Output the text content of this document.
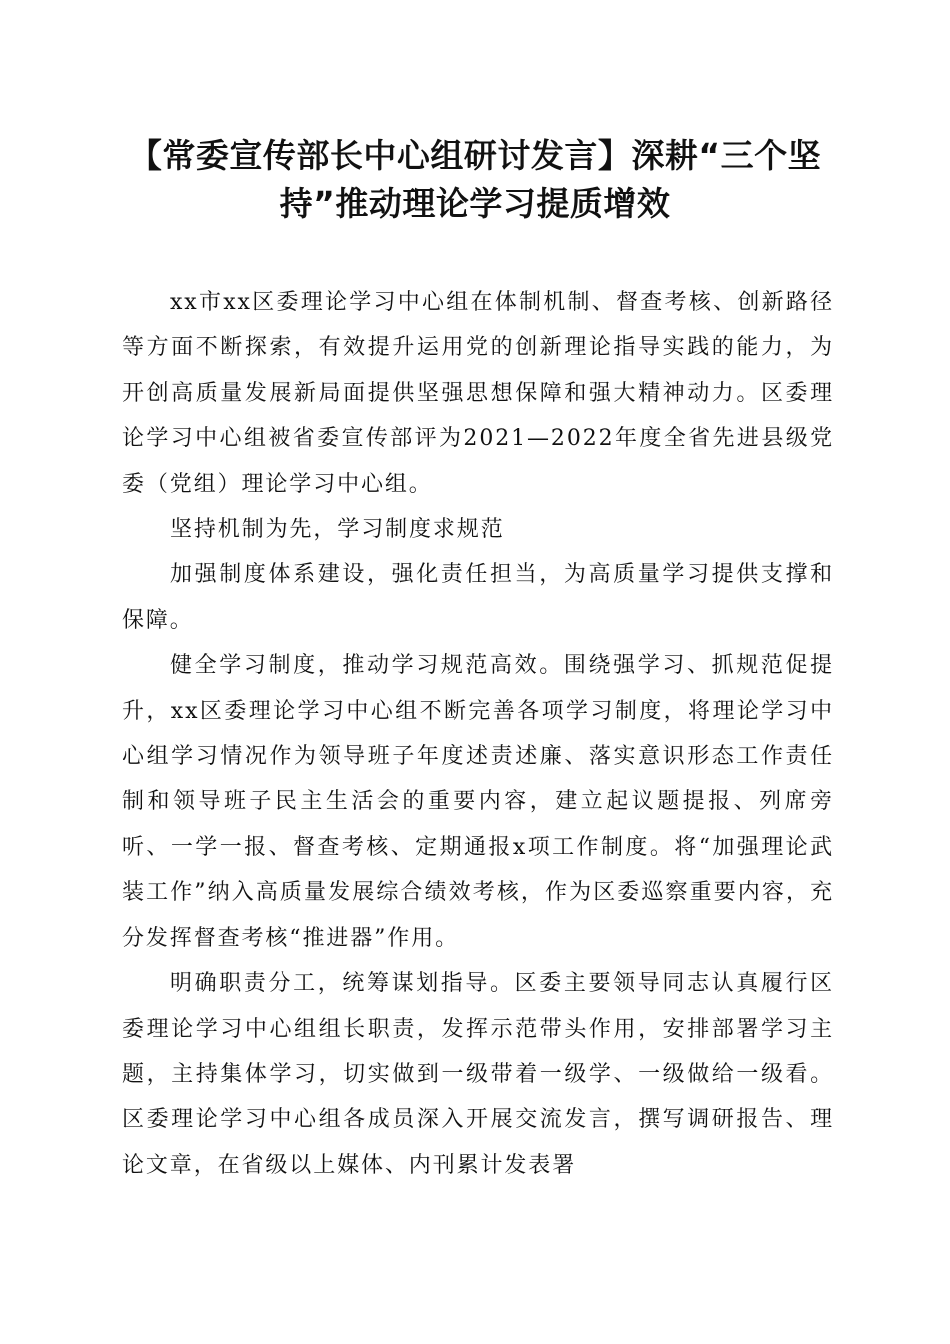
【常委宣传部长中心组研讨发言】深耕“三个坚持”推动理论学习提质增效

xx市xx区委理论学习中心组在体制机制、督查考核、创新路径等方面不断探索，有效提升运用党的创新理论指导实践的能力，为开创高质量发展新局面提供坚强思想保障和强大精神动力。区委理论学习中心组被省委宣传部评为2021—2022年度全省先进县级党委（党组）理论学习中心组。

坚持机制为先，学习制度求规范

加强制度体系建设，强化责任担当，为高质量学习提供支撑和保障。

健全学习制度，推动学习规范高效。围绕强学习、抓规范促提升，xx区委理论学习中心组不断完善各项学习制度，将理论学习中心组学习情况作为领导班子年度述责述廉、落实意识形态工作责任制和领导班子民主生活会的重要内容，建立起议题提报、列席旁听、一学一报、督查考核、定期通报x项工作制度。将“加强理论武装工作”纳入高质量发展综合绩效考核，作为区委巡察重要内容，充分发挥督查考核“推进器”作用。

明确职责分工，统筹谋划指导。区委主要领导同志认真履行区委理论学习中心组组长职责，发挥示范带头作用，安排部署学习主题，主持集体学习，切实做到一级带着一级学、一级做给一级看。区委理论学习中心组各成员深入开展交流发言，撰写调研报告、理论文章，在省级以上媒体、内刊累计发表署
